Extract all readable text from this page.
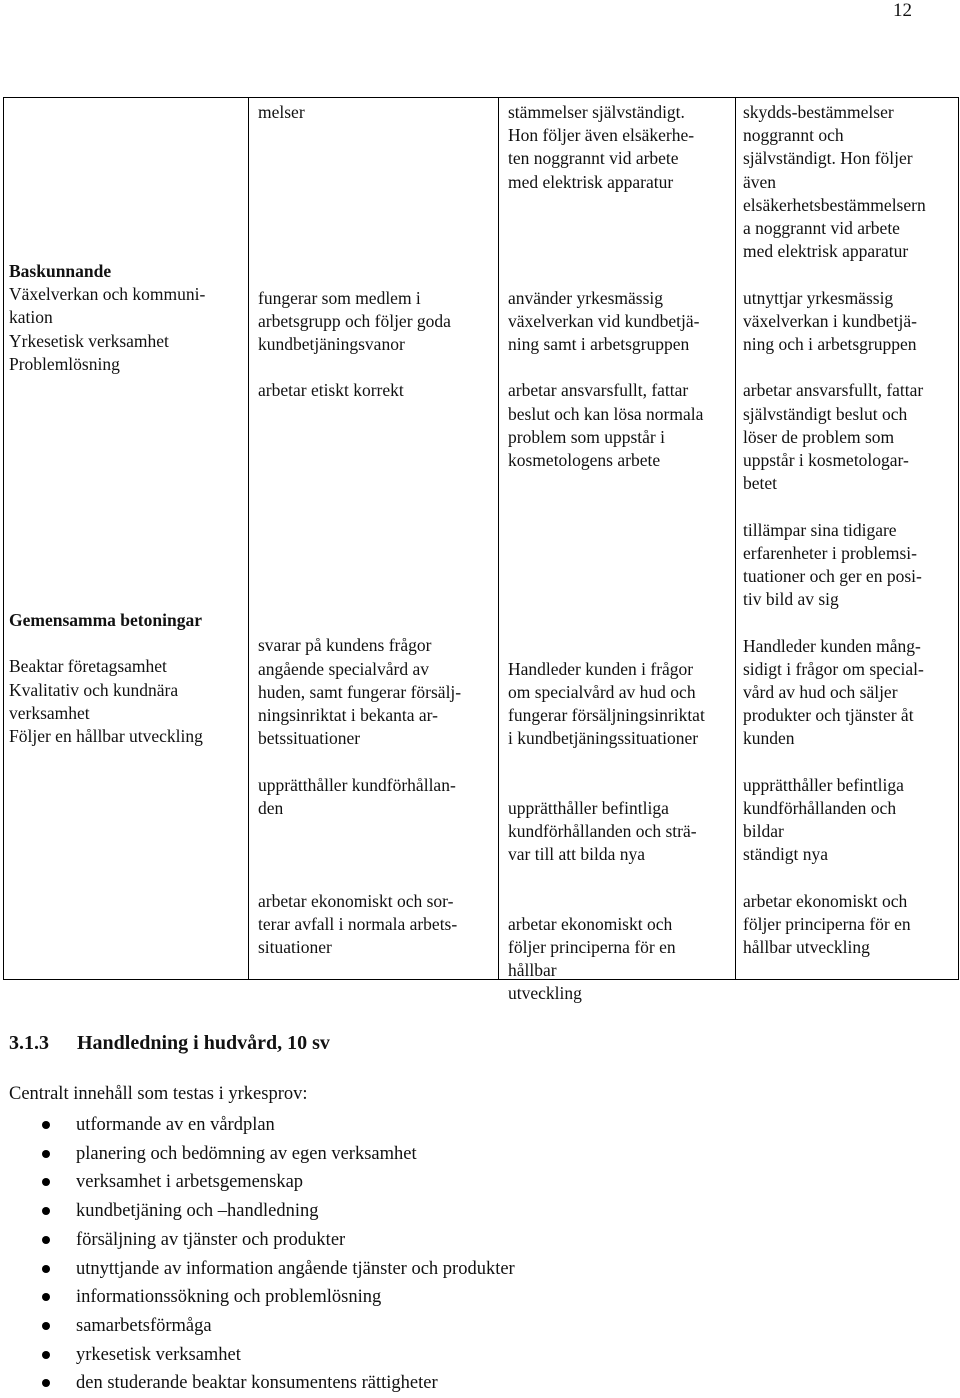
12

Baskunnande

Växelverkan och kommuni-

kation

Yrkesetisk verksamhet

Problemlösning

Gemensamma betoningar

Beaktar företagsamhet

Kvalitativ och kundnära

verksamhet

Följer en hållbar utveckling

melser

fungerar som medlem i

arbetsgrupp och följer goda

kundbetjäningsvanor

arbetar etiskt korrekt

svarar på kundens frågor

angående specialvård av

huden, samt fungerar försälj-

ningsinriktat i bekanta ar-

betssituationer

upprätthåller kundförhållan-

den

arbetar ekonomiskt och sor-

terar avfall i normala arbets-

situationer

stämmelser självständigt.

Hon följer även elsäkerhe-

ten noggrannt vid arbete

med elektrisk apparatur

använder yrkesmässig

växelverkan vid kundbetjä-

ning samt i arbetsgruppen

arbetar ansvarsfullt, fattar

beslut och kan lösa normala

problem som uppstår i

kosmetologens arbete

Handleder kunden i frågor

om specialvård av hud och

fungerar försäljningsinriktat

i kundbetjäningssituationer

upprätthåller befintliga

kundförhållanden och strä-

var till att bilda nya

arbetar ekonomiskt och

följer principerna för en

hållbar

utveckling

skydds-bestämmelser

noggrannt och

självständigt. Hon följer

även

elsäkerhetsbestämmelsern

a noggrannt vid arbete

med elektrisk apparatur

utnyttjar yrkesmässig

växelverkan i kundbetjä-

ning och i arbetsgruppen

arbetar ansvarsfullt, fattar

självständigt beslut och

löser de problem som

uppstår i kosmetologar-

betet

tillämpar sina tidigare

erfarenheter i problemsi-

tuationer och ger en posi-

tiv bild av sig

Handleder kunden mång-

sidigt i frågor om special-

vård av hud och säljer

produkter och tjänster åt

kunden

upprätthåller befintliga

kundförhållanden och

bildar

ständigt nya

arbetar ekonomiskt och

följer principerna för en

hållbar utveckling

3.1.3 Handledning i hudvård, 10 sv
Centralt innehåll som testas i yrkesprov:
utformande av en vårdplan
planering och bedömning av egen verksamhet
verksamhet i arbetsgemenskap
kundbetjäning och –handledning
försäljning av tjänster och produkter
utnyttjande av information angående tjänster och produkter
informationssökning och problemlösning
samarbetsförmåga
yrkesetisk verksamhet
den studerande beaktar konsumentens rättigheter
